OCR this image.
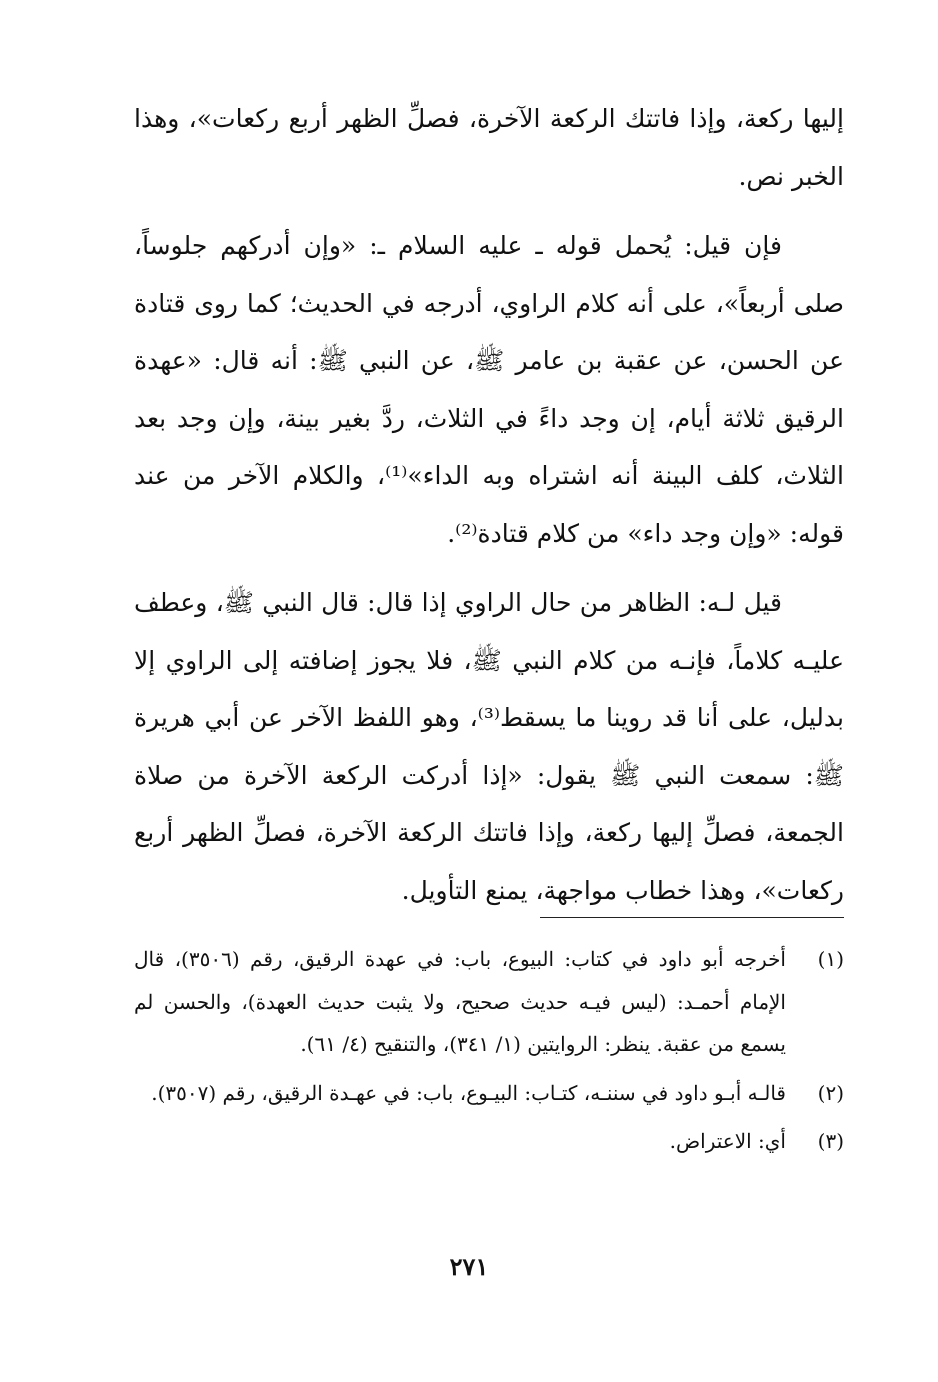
إليها ركعة، وإذا فاتتك الركعة الآخرة، فصلِّ الظهر أربع ركعات»، وهذا الخبر نص.

فإن قيل: يُحمل قوله ـ عليه السلام ـ: «وإن أدركهم جلوساً، صلى أربعاً»، على أنه كلام الراوي، أدرجه في الحديث؛ كما روى قتادة عن الحسن، عن عقبة بن عامر ﷺ، عن النبي ﷺ: أنه قال: «عهدة الرقيق ثلاثة أيام، إن وجد داءً في الثلاث، ردَّ بغير بينة، وإن وجد بعد الثلاث، كلف البينة أنه اشتراه وبه الداء»⁽¹⁾، والكلام الآخر من عند قوله: «وإن وجد داء» من كلام قتادة⁽²⁾.

قيل لـه: الظاهر من حال الراوي إذا قال: قال النبي ﷺ، وعطف عليـه كلاماً، فإنـه من كلام النبي ﷺ، فلا يجوز إضافته إلى الراوي إلا بدليل، على أنا قد روينا ما يسقط⁽³⁾، وهو اللفظ الآخر عن أبي هريرة ﷺ: سمعت النبي ﷺ يقول: «إذا أدركت الركعة الآخرة من صلاة الجمعة، فصلِّ إليها ركعة، وإذا فاتتك الركعة الآخرة، فصلِّ الظهر أربع ركعات»، وهذا خطاب مواجهة، يمنع التأويل.

(١)
أخرجه أبو داود في كتاب: البيوع، باب: في عهدة الرقيق، رقم (٣٥٠٦)، قال الإمام أحمـد: (ليس فيـه حديث صحيح، ولا يثبت حديث العهدة)، والحسن لم يسمع من عقبة. ينظر: الروايتين (١/ ٣٤١)، والتنقيح (٤/ ٦١).
(٢)
قالـه أبـو داود في سننـه، كتـاب: البيـوع، باب: في عهـدة الرقيق، رقم (٣٥٠٧).
(٣)
أي: الاعتراض.
٢٧١
